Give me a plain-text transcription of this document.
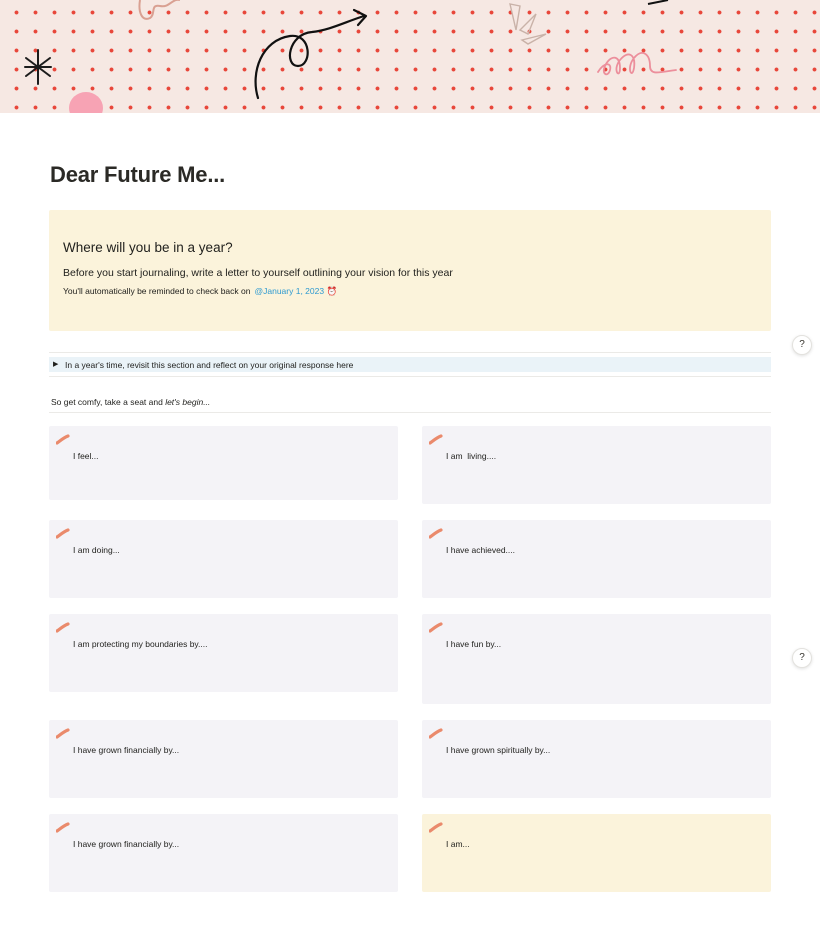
Dear Future Me...
Where will you be in a year?
Before you start journaling, write a letter to yourself outlining your vision for this year
You'll automatically be reminded to check back on @January 1, 2023 ⏰
▶ In a year's time, revisit this section and reflect on your original response here
So get comfy, take a seat and let's begin...
I feel...	I am  living....
I am doing...	I have achieved....
I am protecting my boundaries by....	I have fun by...
I have grown financially by...	I have grown spiritually by...
I have grown financially by...	I am...
?
?
